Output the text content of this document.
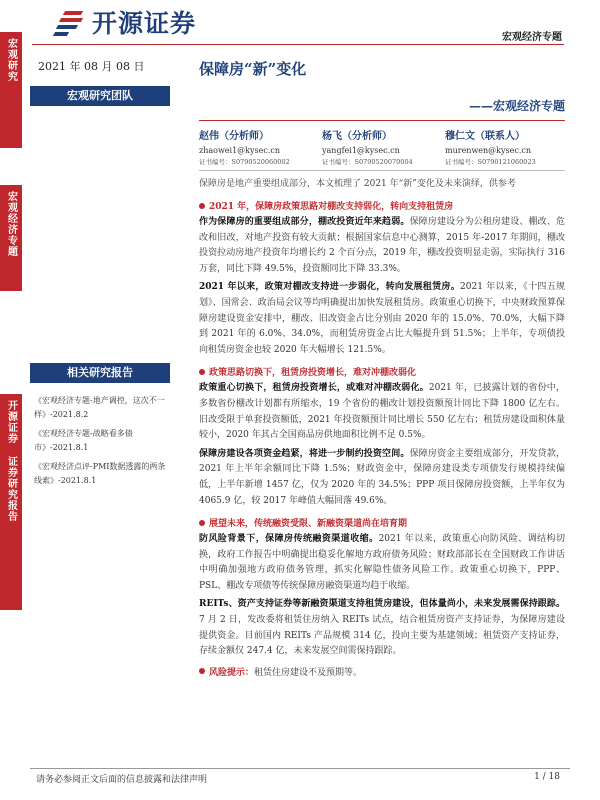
宏观研究
宏观经济专题
开源证券 证券研究报告
开源证券	宏观经济专题
2021 年 08 月 08 日
宏观研究团队
相关研究报告
《宏观经济专题-地产调控，这次不一样》-2021.8.2
《宏观经济专题-战略看多债市》-2021.8.1
《宏观经济点评-PMI数据透露的两条线索》-2021.8.1
保障房“新”变化
——宏观经济专题
赵伟（分析师）
zhaowei1@kysec.cn
证书编号：S0790520060002
杨飞（分析师）
yangfei1@kysec.cn
证书编号：S0790520070004
穆仁文（联系人）
murenwen@kysec.cn
证书编号：S0790121060023
保障房是地产重要组成部分，本文梳理了 2021 年“新”变化及未来演绎，供参考
2021 年，保障房政策思路对棚改支持弱化，转向支持租赁房

作为保障房的重要组成部分，棚改投资近年来趋弱。保障房建设分为公租房建设、棚改、危改和旧改，对地产投资有较大贡献；根据国家信息中心测算，2015 年-2017 年期间，棚改投资拉动房地产投资年均增长约 2 个百分点，2019 年，棚改投资明显走弱，实际执行 316 万套，同比下降 49.5%，投资额同比下降 33.3%。

2021 年以来，政策对棚改支持进一步弱化，转向发展租赁房。2021 年以来，《十四五规划》、国常会、政治局会议等均明确提出加快发展租赁房。政策重心切换下，中央财政预算保障房建设资金安排中，棚改、旧改资金占比分别由 2020 年的 15.0%、70.0%，大幅下降到 2021 年的 6.0%、34.0%，而租赁房资金占比大幅提升到 51.5%；上半年，专项债投向租赁房资金也较 2020 年大幅增长 121.5%。

政策思路切换下，租赁房投资增长，难对冲棚改弱化

政策重心切换下，租赁房投资增长，或难对冲棚改弱化。2021 年，已披露计划的省份中，多数省份棚改计划都有所缩水，19 个省份的棚改计划投资额预计同比下降 1800 亿左右。旧改受限于单套投资额低，2021 年投资额预计同比增长 550 亿左右；租赁房建设面积体量较小，2020 年其占全国商品房供地面积比例不足 0.5%。

保障房建设各项资金趋紧，将进一步制约投资空间。保障房资金主要组成部分，开发贷款，2021 年上半年余额同比下降 1.5%；财政资金中，保障房建设类专项债发行规模持续偏低，上半年新增 1457 亿，仅为 2020 年的 34.5%；PPP 项目保障房投资额，上半年仅为 4065.9 亿，较 2017 年峰值大幅回落 49.6%。

展望未来，传统融资受限、新融资渠道尚在培育期

防风险背景下，保障房传统融资渠道收缩。2021 年以来，政策重心向防风险、调结构切换，政府工作报告中明确提出稳妥化解地方政府债务风险；财政部部长在全国财政工作讲话中明确加强地方政府债务管理，抓实化解隐性债务风险工作。政策重心切换下，PPP、PSL、棚改专项债等传统保障房融资渠道均趋于收缩。

REITs、资产支持证券等新融资渠道支持租赁房建设，但体量尚小，未来发展需保持跟踪。7 月 2 日，发改委将租赁住房纳入 REITs 试点，结合租赁房资产支持证券，为保障房建设提供资金。目前国内 REITs 产品规模 314 亿，投向主要为基建领域；租赁资产支持证券，存续金额仅 247.4 亿，未来发展空间需保持跟踪。

风险提示： 租赁住房建设不及预期等。
请务必参阅正文后面的信息披露和法律声明	1 / 18
